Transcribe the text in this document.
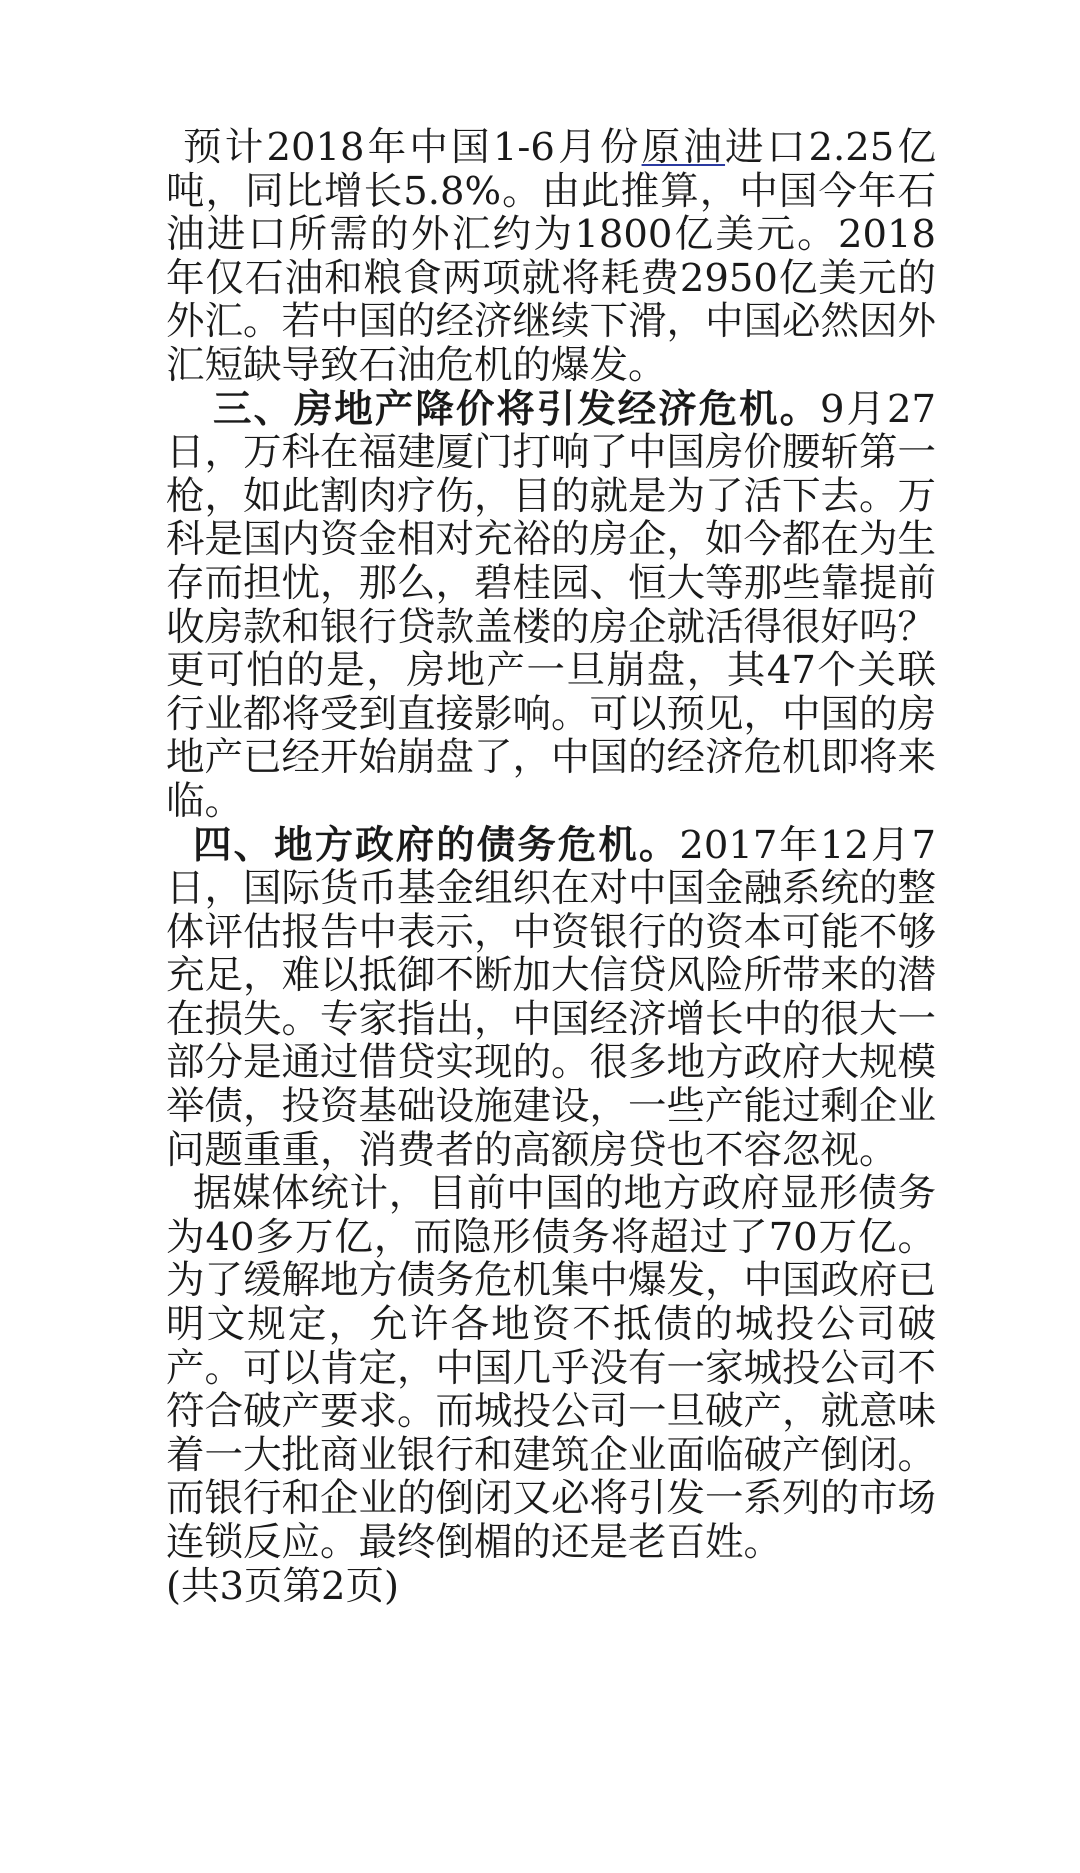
预计2018年中国1-6月份原油进口2.25亿吨，同比增长5.8%。由此推算，中国今年石油进口所需的外汇约为1800亿美元。2018年仅石油和粮食两项就将耗费2950亿美元的外汇。若中国的经济继续下滑，中国必然因外汇短缺导致石油危机的爆发。

三、房地产降价将引发经济危机。9月27日，万科在福建厦门打响了中国房价腰斩第一枪，如此割肉疗伤，目的就是为了活下去。万科是国内资金相对充裕的房企，如今都在为生存而担忧，那么，碧桂园、恒大等那些靠提前收房款和银行贷款盖楼的房企就活得很好吗？更可怕的是，房地产一旦崩盘，其47个关联行业都将受到直接影响。可以预见，中国的房地产已经开始崩盘了，中国的经济危机即将来临。

四、地方政府的债务危机。2017年12月7日，国际货币基金组织在对中国金融系统的整体评估报告中表示，中资银行的资本可能不够充足，难以抵御不断加大信贷风险所带来的潜在损失。专家指出，中国经济增长中的很大一部分是通过借贷实现的。很多地方政府大规模举债，投资基础设施建设，一些产能过剩企业问题重重，消费者的高额房贷也不容忽视。

据媒体统计，目前中国的地方政府显形债务为40多万亿，而隐形债务将超过了70万亿。为了缓解地方债务危机集中爆发，中国政府已明文规定，允许各地资不抵债的城投公司破产。可以肯定，中国几乎没有一家城投公司不符合破产要求。而城投公司一旦破产，就意味着一大批商业银行和建筑企业面临破产倒闭。而银行和企业的倒闭又必将引发一系列的市场连锁反应。最终倒楣的还是老百姓。

(共3页第2页)
